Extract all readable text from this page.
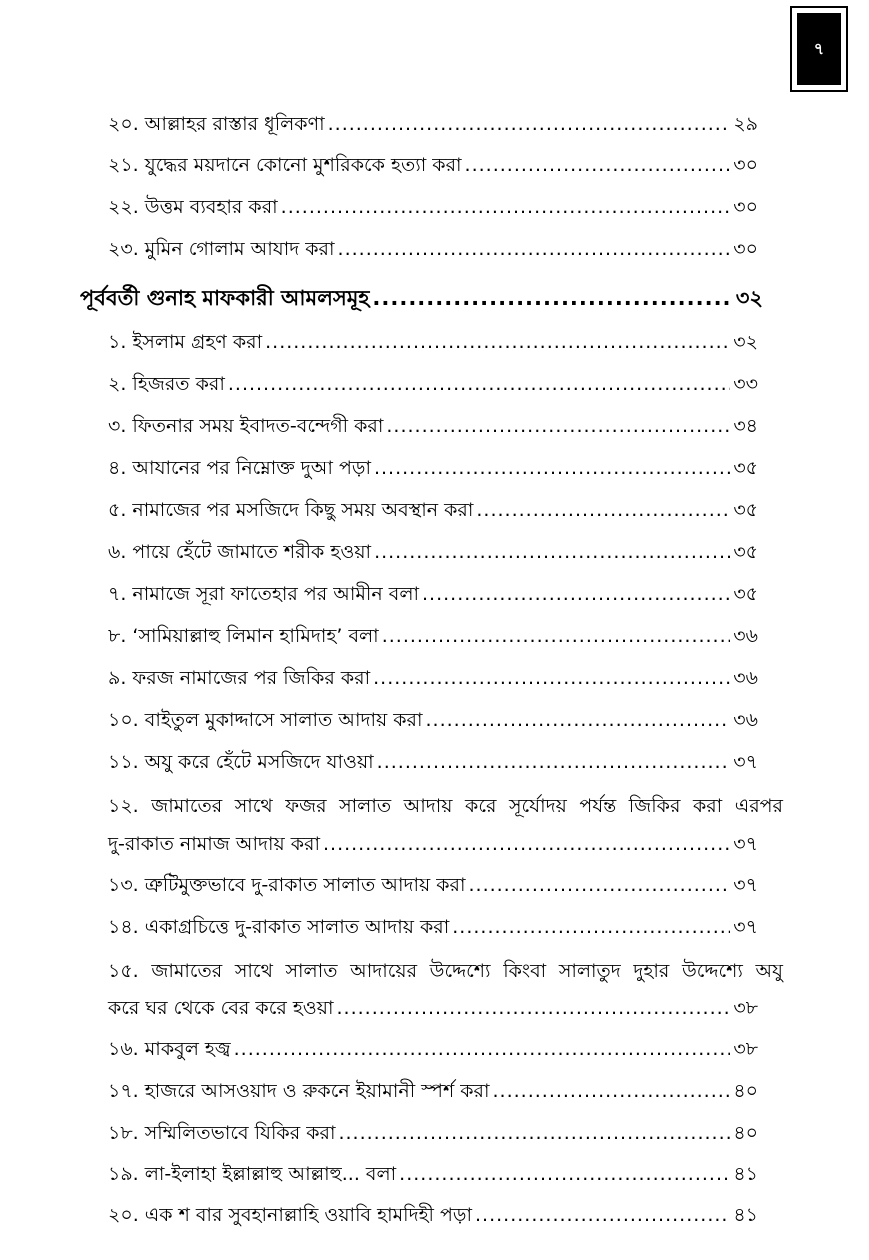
৭
২০. আল্লাহর রাস্তার ধূলিকণা .....	২৯
২১. যুদ্ধের ময়দানে কোনো মুশরিককে হত্যা করা .....	৩০
২২. উত্তম ব্যবহার করা .....	৩০
২৩. মুমিন গোলাম আযাদ করা .....	৩০
পূর্ববর্তী গুনাহ মাফকারী আমলসমূহ .....	৩২
১. ইসলাম গ্রহণ করা .....	৩২
২. হিজরত করা .....	৩৩
৩. ফিতনার সময় ইবাদত-বন্দেগী করা .....	৩৪
৪. আযানের পর নিম্নোক্ত দুআ পড়া .....	৩৫
৫. নামাজের পর মসজিদে কিছু সময় অবস্থান করা .....	৩৫
৬. পায়ে হেঁটে জামাতে শরীক হওয়া .....	৩৫
৭. নামাজে সূরা ফাতেহার পর আমীন বলা .....	৩৫
৮. ‘সামিয়াল্লাহু লিমান হামিদাহ’ বলা .....	৩৬
৯. ফরজ নামাজের পর জিকির করা .....	৩৬
১০. বাইতুল মুকাদ্দাসে সালাত আদায় করা .....	৩৬
১১. অযু করে হেঁটে মসজিদে যাওয়া .....	৩৭
১২. জামাতের সাথে ফজর সালাত আদায় করে সূর্যোদয় পর্যন্ত জিকির করা এরপর
দু-রাকাত নামাজ আদায় করা .....	৩৭
১৩. ত্রুটিমুক্তভাবে দু-রাকাত সালাত আদায় করা .....	৩৭
১৪. একাগ্রচিত্তে দু-রাকাত সালাত আদায় করা .....	৩৭
১৫. জামাতের সাথে সালাত আদায়ের উদ্দেশ্যে কিংবা সালাতুদ দুহার উদ্দেশ্যে অযু
করে ঘর থেকে বের করে হওয়া .....	৩৮
১৬. মাকবুল হজ্ব .....	৩৮
১৭. হাজরে আসওয়াদ ও রুকনে ইয়ামানী স্পর্শ করা .....	৪০
১৮. সম্মিলিতভাবে যিকির করা .....	৪০
১৯. লা-ইলাহা ইল্লাল্লাহু আল্লাহু... বলা .....	৪১
২০. এক শ বার সুবহানাল্লাহি ওয়াবি হামদিহী পড়া .....	৪১
